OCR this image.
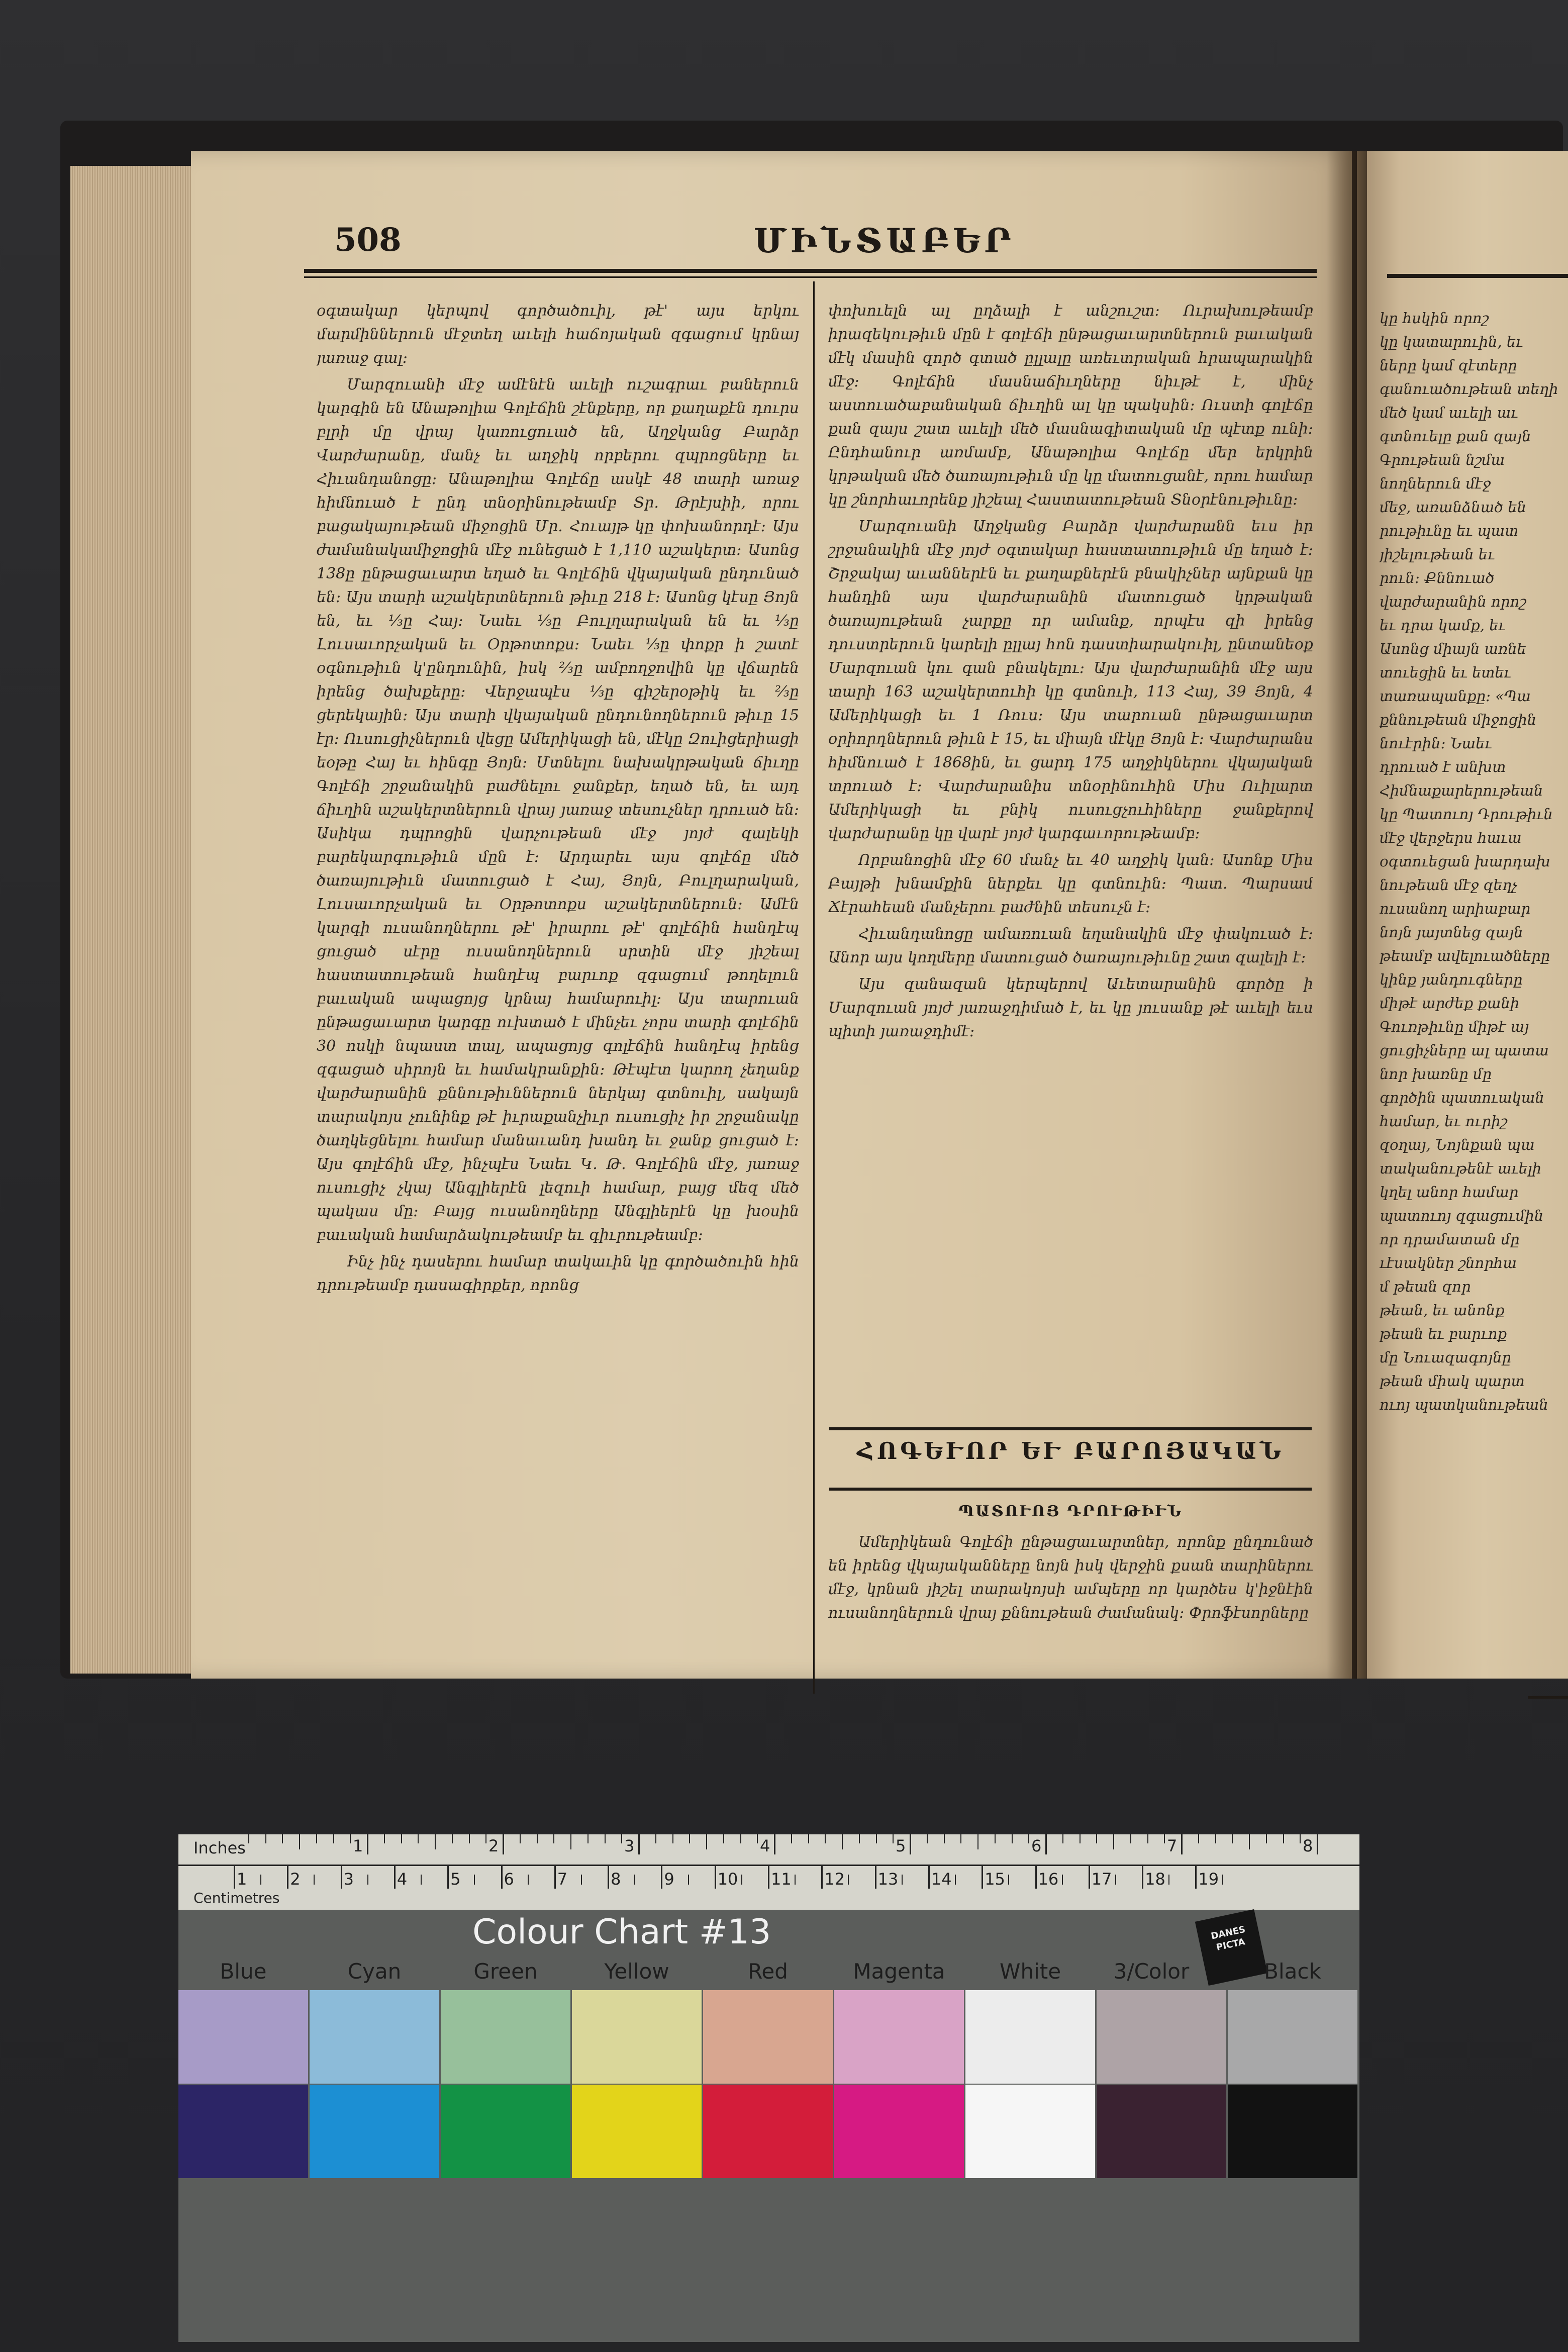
508	ՄԻՆՏԱԲԵՐ

օգտակար կերպով գործածուիլ, թէ' այս երկու մարմիններուն մէջտեղ աւելի հաճոյական զգացում կրնայ յառաջ գալ։

Մարզուանի մէջ ամէնէն աւելի ուշագրաւ բաներուն կարգին են Անաթոլիա Գոլէճին շէնքերը, որ քաղաքէն դուրս բլրի մը վրայ կառուցուած են, Աղջկանց Բարձր Վարժարանը, մանչ եւ աղջիկ որբերու զպրոցները եւ Հիւանդանոցը։ Անաթոլիա Գոլէճը ասկէ 48 տարի առաջ հիմնուած է ընդ տնօրինութեամբ Տր. Թրէյսիի, որու բացակայութեան միջոցին Մր. Հուայթ կը փոխանորդէ։ Այս ժամանակամիջոցին մէջ ունեցած է 1,110 աշակերտ։ Ասոնց 138ը ընթացաւարտ եղած եւ Գոլէճին վկայական ընդունած են։ Այս տարի աշակերտներուն թիւը 218 է։ Ասոնց կէսը Յոյն են, եւ ⅓ը Հայ։ Նաեւ ⅓ը Բուլղարական են եւ ⅓ը Լուսաւորչական եւ Օրթոտոքս։ Նաեւ ⅓ը փոքր ի շատէ օգնութիւն կ'ընդունին, իսկ ⅔ը ամբողջովին կը վճարեն իրենց ծախքերը։ Վերջապէս ⅓ը գիշերօթիկ եւ ⅔ը ցերեկային։ Այս տարի վկայական ընդունողներուն թիւը 15 էր։ Ուսուցիչներուն վեցը Ամերիկացի են, մէկը Զուիցերիացի եօթը Հայ եւ հինգը Յոյն։ Մտնելու նախակրթական ճիւղը Գոլէճի շրջանակին բաժնելու ջանքեր, եղած են, եւ այդ ճիւղին աշակերտներուն վրայ յառաջ տեսուչներ դրուած են։ Ասիկա դպրոցին վարչութեան մէջ յոյժ զալեկի բարեկարգութիւն մըն է։ Արդարեւ այս գոլէճը մեծ ծառայութիւն մատուցած է Հայ, Յոյն, Բուլղարական, Լուսաւորչական եւ Օրթոտոքս աշակերտներուն։ Ամէն կարգի ուսանողներու թէ' իրարու թէ' գոլէճին հանդէպ ցուցած սէրը ուսանողներուն սրտին մէջ յիշեալ հաստատութեան հանդէպ բարւոք զգացում թողելուն բաւական ապացոյց կրնայ համարուիլ։ Այս տարուան ընթացաւարտ կարգը ուխտած է մինչեւ չորս տարի գոլէճին 30 ոսկի նպաստ տալ, ապացոյց գոլէճին հանդէպ իրենց զգացած սիրոյն եւ համակրանքին։ Թէպէտ կարող չեղանք վարժարանին քննութիւններուն ներկայ գտնուիլ, սակայն տարակոյս չունինք թէ իւրաքանչիւր ուսուցիչ իր շրջանակը ծաղկեցնելու համար մանաւանդ խանդ եւ ջանք ցուցած է։ Այս գոլէճին մէջ, ինչպէս Նաեւ Կ. Թ. Գոլէճին մէջ, յառաջ ուսուցիչ չկայ Անգլիերէն լեզուի համար, բայց մեզ մեծ պակաս մը։ Բայց ուսանողները Անգլիերէն կը խօսին բաւական համարձակութեամբ եւ գիւրութեամբ։

Ինչ ինչ դասերու համար տակաւին կը գործածուին հին դրութեամբ դասագիրքեր, որոնց

փոխուելն ալ ըղձալի է անշուշտ։ Ուրախութեամբ իրազեկութիւն մըն է գոլէճի ընթացաւարտներուն բաւական մէկ մասին զործ գտած ըլլալը առեւտրական հրապարակին մէջ։ Գոլէճին մասնաճիւղները նիւթէ է, մինչ աստուածաբանական ճիւղին ալ կը պակսին։ Ուստի գոլէճը քան զայս շատ աւելի մեծ մասնագիտական մը պէտք ունի։ Ընդհանուր առմամբ, Անաթոլիա Գոլէճը մեր երկրին կրթական մեծ ծառայութիւն մը կը մատուցանէ, որու համար կը շնորհաւորենք յիշեալ Հաստատութեան Տնօրէնութիւնը։

Մարզուանի Աղջկանց Բարձր վարժարանն եւս իր շրջանակին մէջ յոյժ օգտակար հաստատութիւն մը եղած է։ Շրջակայ աւաններէն եւ քաղաքներէն բնակիչներ այնքան կը հանդին այս վարժարանին մատուցած կրթական ծառայութեան չարքը որ ամանք, որպէս զի իրենց դուստրերուն կարելի ըլլայ հոն դաստիարակուիլ, ընտանեօք Մարզուան կու գան բնակելու։ Այս վարժարանին մէջ այս տարի 163 աշակերտուհի կը գտնուի, 113 Հայ, 39 Յոյն, 4 Ամերիկացի եւ 1 Ռուս։ Այս տարուան ընթացաւարտ օրիորդներուն թիւն է 15, եւ միայն մէկը Յոյն է։ Վարժարանս հիմնուած է 1868ին, եւ ցարդ 175 աղջիկներու վկայական տրուած է։ Վարժարանիս տնօրինուհին Միս Ուիլարտ Ամերիկացի եւ բնիկ ուսուցչուհիները ջանքերով վարժարանը կը վարէ յոյժ կարգաւորութեամբ։

Որբանոցին մէջ 60 մանչ եւ 40 աղջիկ կան։ Ասոնք Միս Բայթի խնամքին ներքեւ կը գտնուին։ Պատ. Պարսամ Ճէրահեան մանչերու բաժնին տեսուչն է։

Հիւանդանոցը ամառուան եղանակին մէջ փակուած է։ Անոր այս կողմերը մատուցած ծառայութիւնը շատ զալելի է։

Այս զանազան կերպերով Աւետարանին գործը ի Մարզուան յոյժ յառաջդիմած է, եւ կը յուսանք թէ աւելի եւս պիտի յառաջդիմէ։

ՀՈԳԵՒՈՐ ԵՒ ԲԱՐՈՅԱԿԱՆ
ՊԱՏՈՒՈՅ ԴՐՈՒԹԻՒՆ

Ամերիկեան Գոլէճի ընթացաւարտներ, որոնք ընդունած են իրենց վկայականները նոյն իսկ վերջին քսան տարիներու մէջ, կրնան յիշել տարակոյսի ամպերը որ կարծես կ'իջնէին ուսանողներուն վրայ քննութեան ժամանակ։ Փրոֆէսորները

կը հսկին որոշ
կը կատարուին, եւ
ները կամ զէտերը
գանուածութեան տեղի
մեծ կամ աւելի աւ
գտնուելը քան զայն
Գրութեան նշմա
նողներուն մէջ
մեջ, առանձնած են
րութիւնը եւ պատ
յիշելութեան եւ
րուն։ Քննուած
վարժարանին որոշ
եւ դրա կամք, եւ
Ասոնց միայն առնե
տուեցին եւ ետեւ
տառապանքը։ «Պա
քննութեան միջոցին
նուէրին։ Նաեւ
դրուած է անխտ
Հիմնաքարերութեան
կը Պատուոյ Դրութիւն
մէջ վերջերս հաւա
օգտուեցան խարդախ
նութեան մէջ զեղչ
ուսանող արիաբար
նոյն յայտնեց զայն
թեամբ ավելուածները
կինք յանդուգները
միթէ արժեք քանի
Գուռթիւնը միթէ այ
ցուցիչները ալ պատա
նոր խառնը մը
գործին պատուական
համար, եւ ուրիշ
զօղայ, Նոյնքան պա
տականութենէ աւելի
կղել անոր համար
պատուոյ զգացումին
որ դրամատան մը
ւէսակներ շնորհա
մ թեան զոր
թեան, եւ անոնք
թեան եւ բարւոք
մը Նուազագոյնը
թեան միակ պարտ
ուոյ պատկանութեան
Inches
Centimetres
1	2	3	4	5	6	7	8
1	2	3	4	5	6	7	8	9	10 11 12 13 14 15 16 17 18 19
Colour Chart #13	DANES PICTA
Blue	Cyan	Green	Yellow	Red	Magenta	White	3/Color	Black
